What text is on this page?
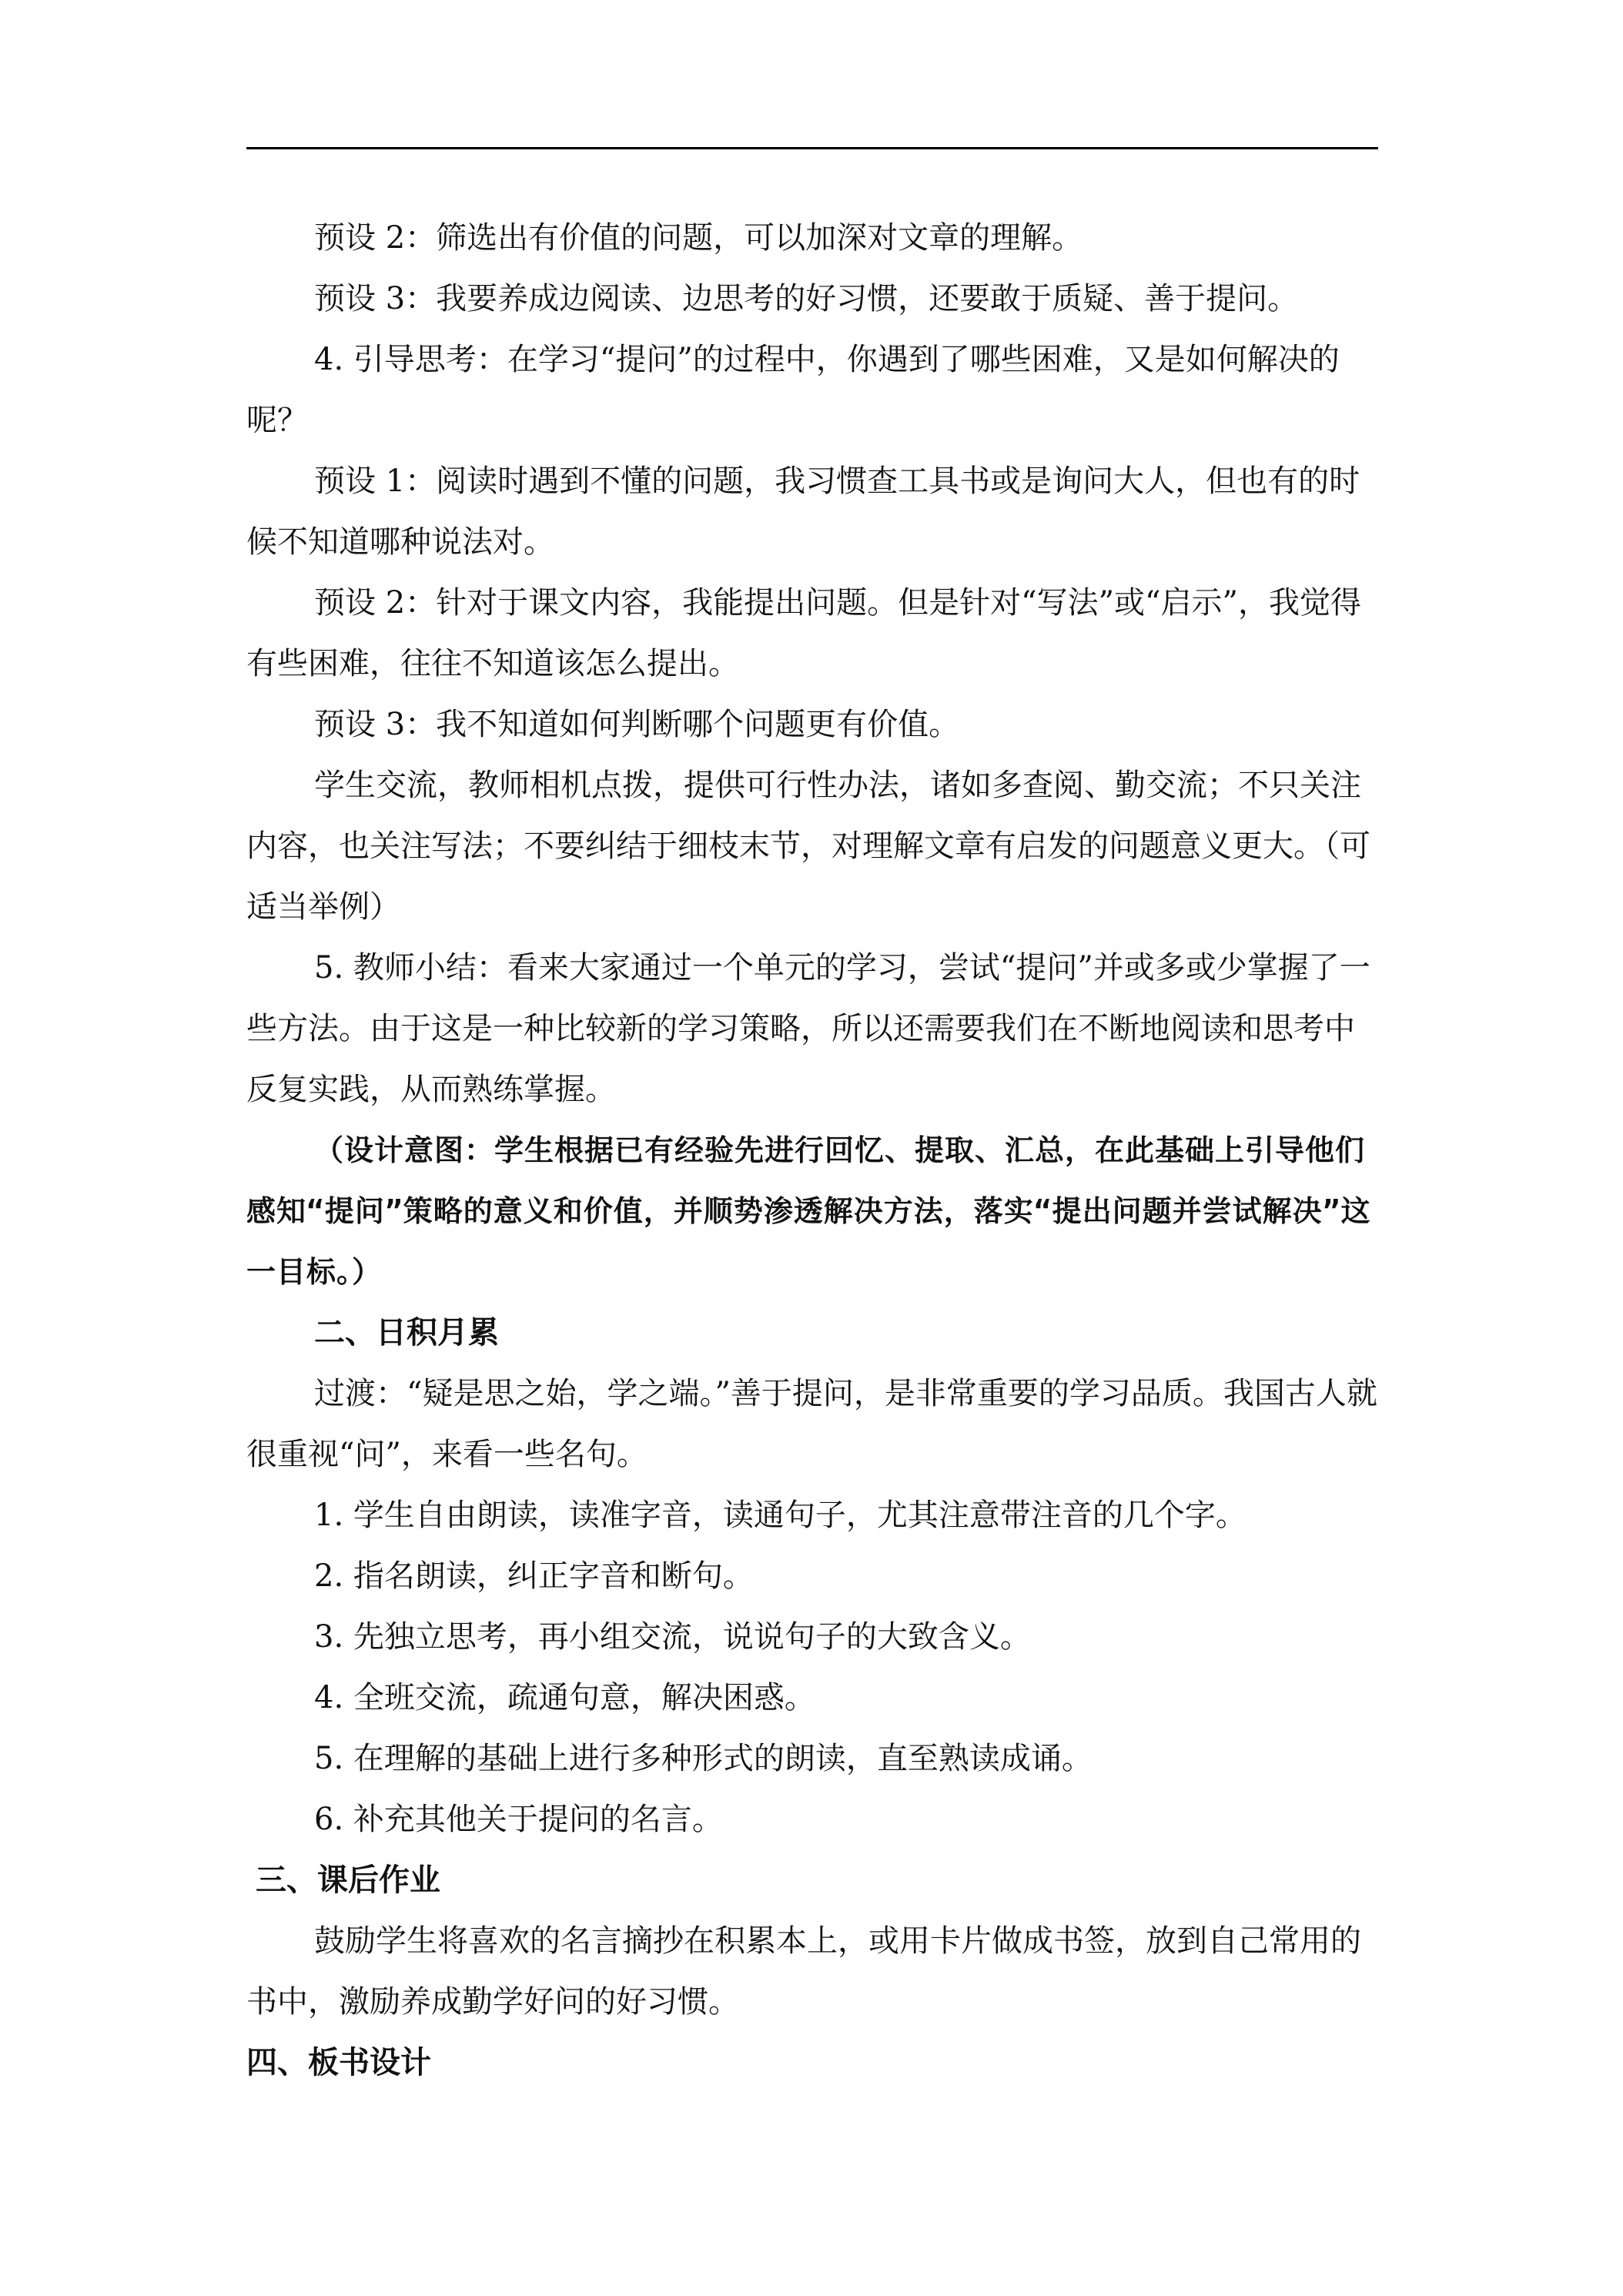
预设 2：筛选出有价值的问题，可以加深对文章的理解。

预设 3：我要养成边阅读、边思考的好习惯，还要敢于质疑、善于提问。

4. 引导思考：在学习“提问”的过程中，你遇到了哪些困难，又是如何解决的呢？

预设 1：阅读时遇到不懂的问题，我习惯查工具书或是询问大人，但也有的时候不知道哪种说法对。

预设 2：针对于课文内容，我能提出问题。但是针对“写法”或“启示”，我觉得有些困难，往往不知道该怎么提出。

预设 3：我不知道如何判断哪个问题更有价值。

学生交流，教师相机点拨，提供可行性办法，诸如多查阅、勤交流；不只关注内容，也关注写法；不要纠结于细枝末节，对理解文章有启发的问题意义更大。（可适当举例）

5. 教师小结：看来大家通过一个单元的学习，尝试“提问”并或多或少掌握了一些方法。由于这是一种比较新的学习策略，所以还需要我们在不断地阅读和思考中反复实践，从而熟练掌握。

（设计意图：学生根据已有经验先进行回忆、提取、汇总，在此基础上引导他们感知“提问”策略的意义和价值，并顺势渗透解决方法，落实“提出问题并尝试解决”这一目标。）

二、日积月累

过渡：“疑是思之始，学之端。”善于提问，是非常重要的学习品质。我国古人就很重视“问”，来看一些名句。

1. 学生自由朗读，读准字音，读通句子，尤其注意带注音的几个字。

2. 指名朗读，纠正字音和断句。

3. 先独立思考，再小组交流，说说句子的大致含义。

4. 全班交流，疏通句意，解决困惑。

5. 在理解的基础上进行多种形式的朗读，直至熟读成诵。

6. 补充其他关于提问的名言。

三、课后作业

鼓励学生将喜欢的名言摘抄在积累本上，或用卡片做成书签，放到自己常用的书中，激励养成勤学好问的好习惯。

四、板书设计
